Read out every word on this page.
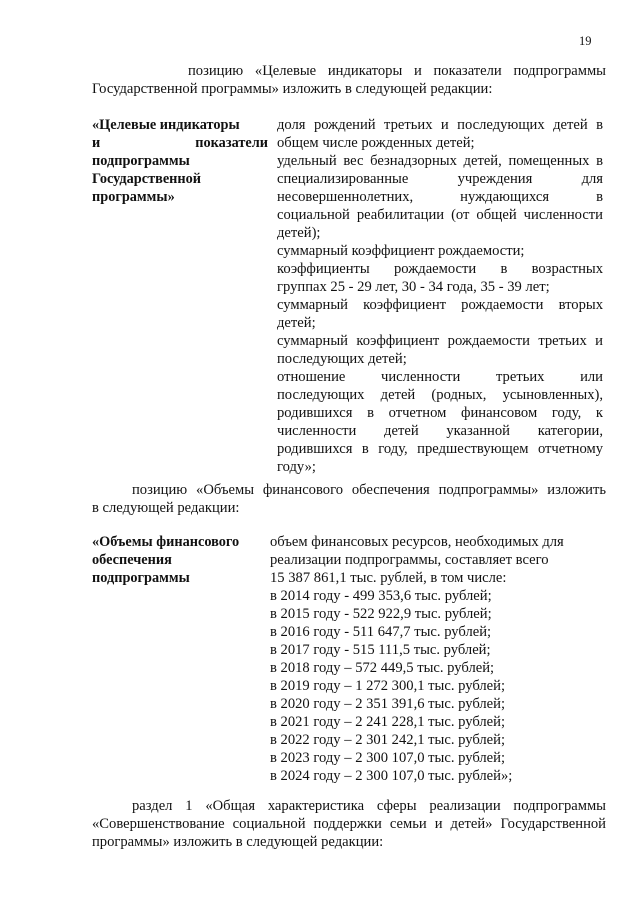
19
позицию «Целевые индикаторы и показатели подпрограммы
Государственной программы» изложить в следующей редакции:
«Целевые индикаторы
и показатели
подпрограммы
Государственной
программы»
доля рождений третьих и последующих детей в
общем числе рожденных детей;
удельный вес безнадзорных детей, помещенных в
специализированные учреждения для
несовершеннолетних, нуждающихся в
социальной реабилитации (от общей численности
детей);
суммарный коэффициент рождаемости;
коэффициенты рождаемости в возрастных
группах 25 - 29 лет, 30 - 34 года, 35 - 39 лет;
суммарный коэффициент рождаемости вторых
детей;
суммарный коэффициент рождаемости третьих и
последующих детей;
отношение численности третьих или
последующих детей (родных, усыновленных),
родившихся в отчетном финансовом году, к
численности детей указанной категории,
родившихся в году, предшествующем отчетному
году»;
позицию «Объемы финансового обеспечения подпрограммы» изложить
в следующей редакции:
«Объемы финансового
обеспечения
подпрограммы
объем финансовых ресурсов, необходимых для
реализации подпрограммы, составляет всего
15 387 861,1 тыс. рублей, в том числе:
в 2014 году - 499 353,6 тыс. рублей;
в 2015 году - 522 922,9 тыс. рублей;
в 2016 году - 511 647,7 тыс. рублей;
в 2017 году - 515 111,5 тыс. рублей;
в 2018 году – 572 449,5 тыс. рублей;
в 2019 году – 1 272 300,1 тыс. рублей;
в 2020 году – 2 351 391,6 тыс. рублей;
в 2021 году – 2 241 228,1 тыс. рублей;
в 2022 году – 2 301 242,1 тыс. рублей;
в 2023 году – 2 300 107,0 тыс. рублей;
в 2024 году – 2 300 107,0 тыс. рублей»;
раздел 1 «Общая характеристика сферы реализации подпрограммы
«Совершенствование социальной поддержки семьи и детей» Государственной
программы» изложить в следующей редакции:
